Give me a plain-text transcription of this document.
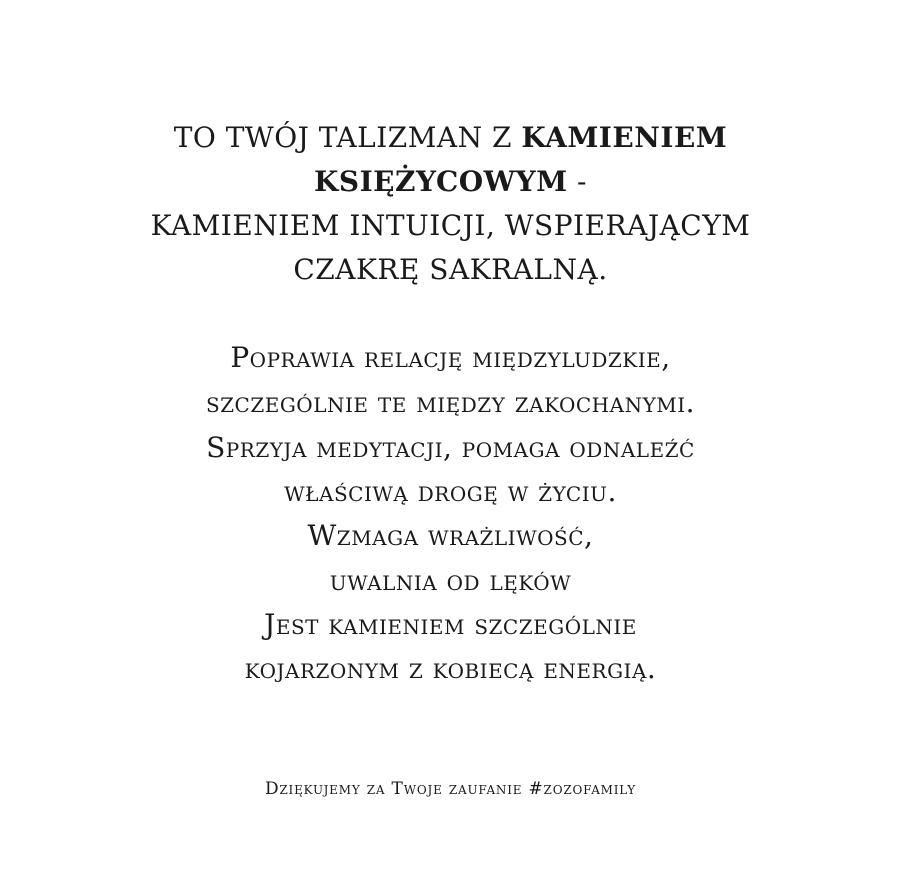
TO TWÓJ TALIZMAN Z KAMIENIEM
KSIĘŻYCOWYM -
KAMIENIEM INTUICJI, WSPIERAJĄCYM
CZAKRĘ SAKRALNĄ.
Poprawia relację międzyludzkie,
szczególnie te między zakochanymi.
Sprzyja medytacji, pomaga odnaleźć
właściwą drogę w życiu.
Wzmaga wrażliwość,
uwalnia od lęków
Jest kamieniem szczególnie
kojarzonym z kobiecą energią.
Dziękujemy za Twoje zaufanie #zozofamily
